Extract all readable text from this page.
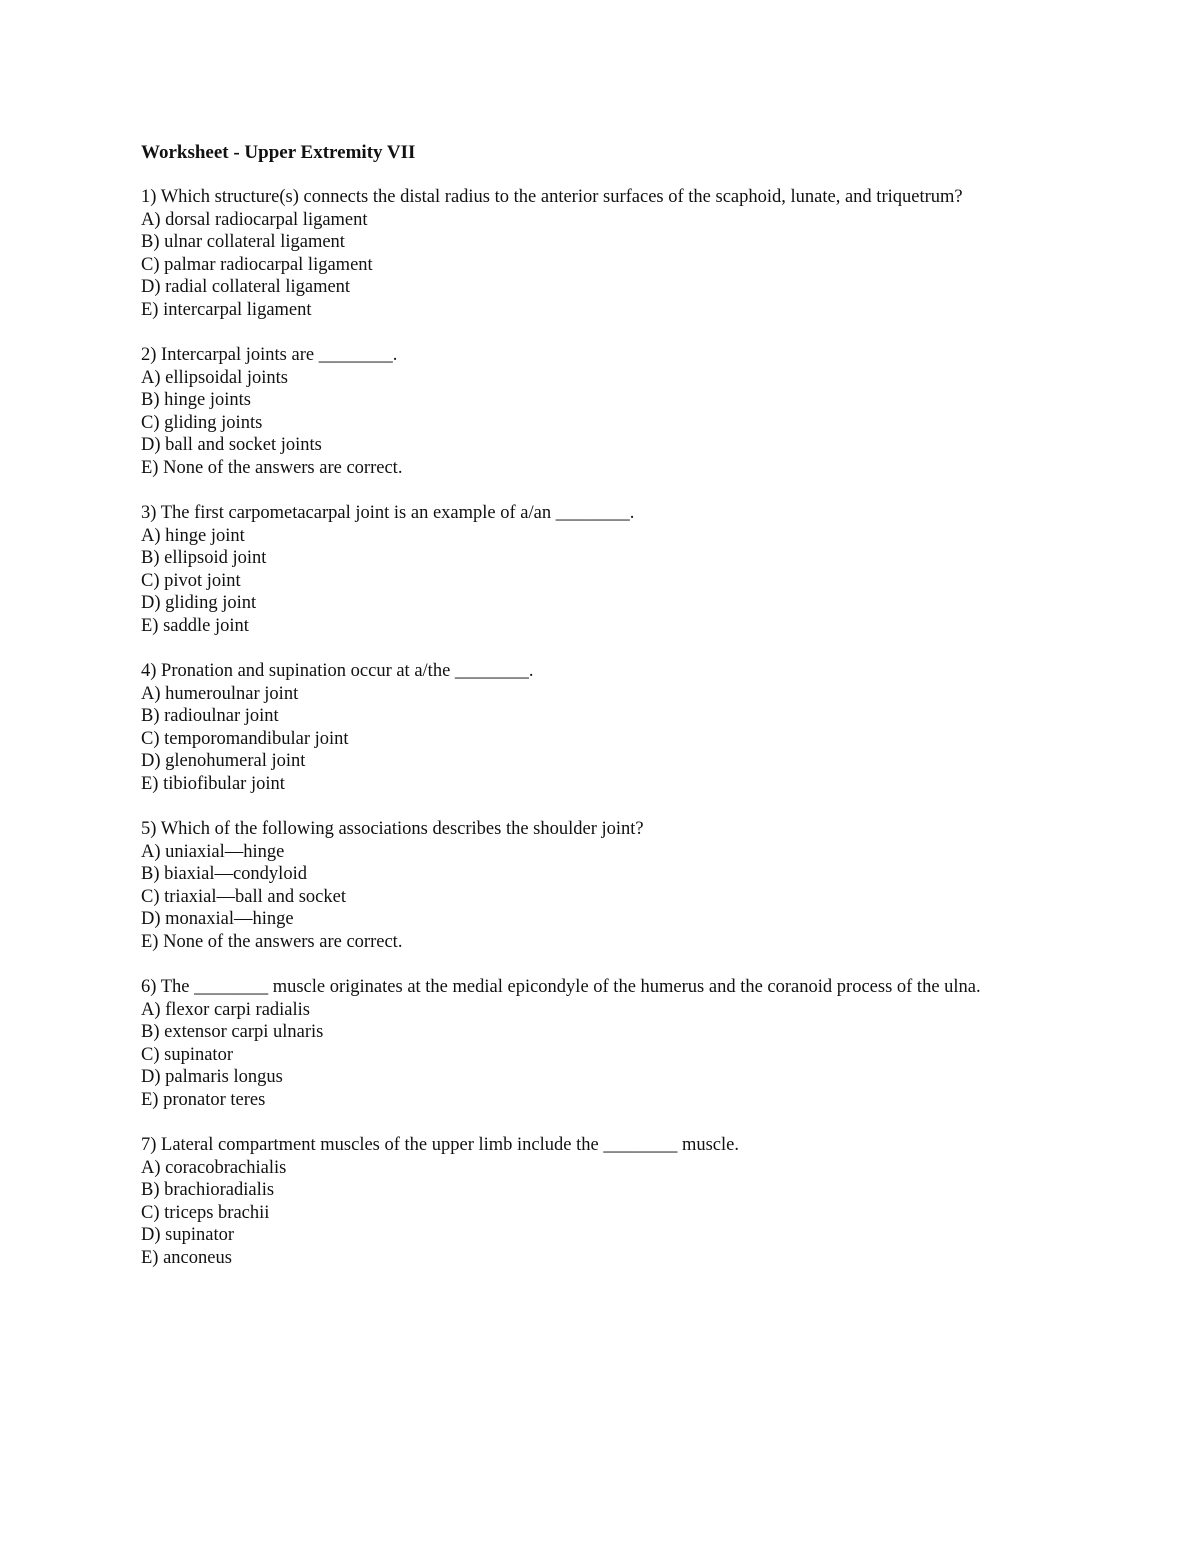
Worksheet - Upper Extremity VII
1) Which structure(s) connects the distal radius to the anterior surfaces of the scaphoid, lunate, and triquetrum?
A) dorsal radiocarpal ligament
B) ulnar collateral ligament
C) palmar radiocarpal ligament
D) radial collateral ligament
E) intercarpal ligament
2) Intercarpal joints are ________.
A) ellipsoidal joints
B) hinge joints
C) gliding joints
D) ball and socket joints
E) None of the answers are correct.
3) The first carpometacarpal joint is an example of a/an ________.
A) hinge joint
B) ellipsoid joint
C) pivot joint
D) gliding joint
E) saddle joint
4) Pronation and supination occur at a/the ________.
A) humeroulnar joint
B) radioulnar joint
C) temporomandibular joint
D) glenohumeral joint
E) tibiofibular joint
5) Which of the following associations describes the shoulder joint?
A) uniaxial—hinge
B) biaxial—condyloid
C) triaxial—ball and socket
D) monaxial—hinge
E) None of the answers are correct.
6) The ________ muscle originates at the medial epicondyle of the humerus and the coranoid process of the ulna.
A) flexor carpi radialis
B) extensor carpi ulnaris
C) supinator
D) palmaris longus
E) pronator teres
7) Lateral compartment muscles of the upper limb include the ________ muscle.
A) coracobrachialis
B) brachioradialis
C) triceps brachii
D) supinator
E) anconeus
